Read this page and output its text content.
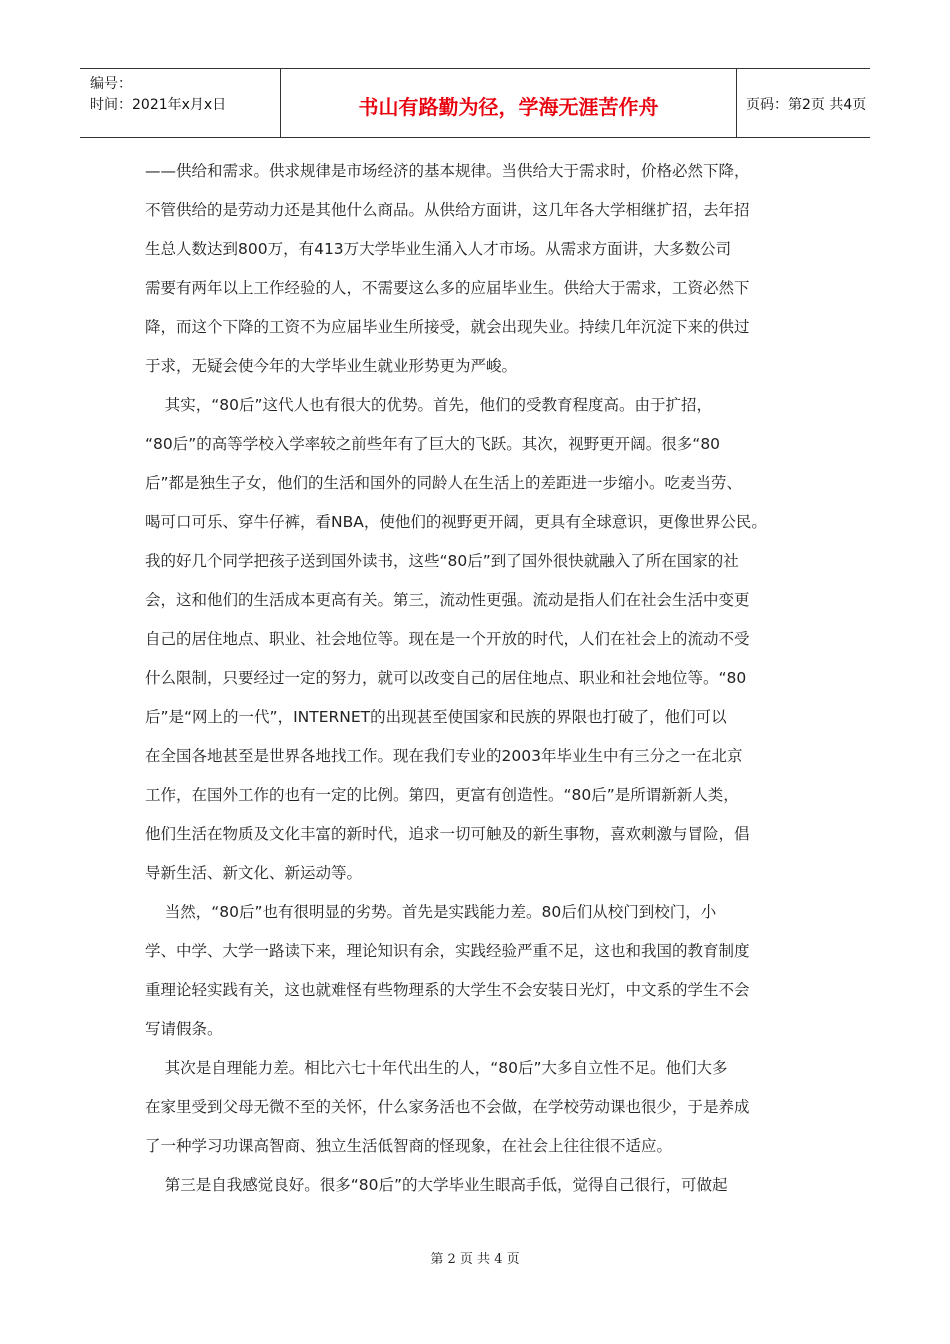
编号：
时间：2021年x月x日	书山有路勤为径，学海无涯苦作舟	页码：第2页 共4页
——供给和需求。供求规律是市场经济的基本规律。当供给大于需求时，价格必然下降，
不管供给的是劳动力还是其他什么商品。从供给方面讲，这几年各大学相继扩招，去年招
生总人数达到800万，有413万大学毕业生涌入人才市场。从需求方面讲，大多数公司
需要有两年以上工作经验的人，不需要这么多的应届毕业生。供给大于需求，工资必然下
降，而这个下降的工资不为应届毕业生所接受，就会出现失业。持续几年沉淀下来的供过
于求，无疑会使今年的大学毕业生就业形势更为严峻。
其实，“80后”这代人也有很大的优势。首先，他们的受教育程度高。由于扩招，
“80后”的高等学校入学率较之前些年有了巨大的飞跃。其次，视野更开阔。很多“80
后”都是独生子女，他们的生活和国外的同龄人在生活上的差距进一步缩小。吃麦当劳、
喝可口可乐、穿牛仔裤，看NBA，使他们的视野更开阔，更具有全球意识，更像世界公民。
我的好几个同学把孩子送到国外读书，这些“80后”到了国外很快就融入了所在国家的社
会，这和他们的生活成本更高有关。第三，流动性更强。流动是指人们在社会生活中变更
自己的居住地点、职业、社会地位等。现在是一个开放的时代，人们在社会上的流动不受
什么限制，只要经过一定的努力，就可以改变自己的居住地点、职业和社会地位等。“80
后”是“网上的一代”，INTERNET的出现甚至使国家和民族的界限也打破了，他们可以
在全国各地甚至是世界各地找工作。现在我们专业的2003年毕业生中有三分之一在北京
工作，在国外工作的也有一定的比例。第四，更富有创造性。“80后”是所谓新新人类，
他们生活在物质及文化丰富的新时代，追求一切可触及的新生事物，喜欢刺激与冒险，倡
导新生活、新文化、新运动等。
当然，“80后”也有很明显的劣势。首先是实践能力差。80后们从校门到校门，小
学、中学、大学一路读下来，理论知识有余，实践经验严重不足，这也和我国的教育制度
重理论轻实践有关，这也就难怪有些物理系的大学生不会安装日光灯，中文系的学生不会
写请假条。
其次是自理能力差。相比六七十年代出生的人，“80后”大多自立性不足。他们大多
在家里受到父母无微不至的关怀，什么家务活也不会做，在学校劳动课也很少，于是养成
了一种学习功课高智商、独立生活低智商的怪现象，在社会上往往很不适应。
第三是自我感觉良好。很多“80后”的大学毕业生眼高手低，觉得自己很行，可做起
第 2 页 共 4 页
